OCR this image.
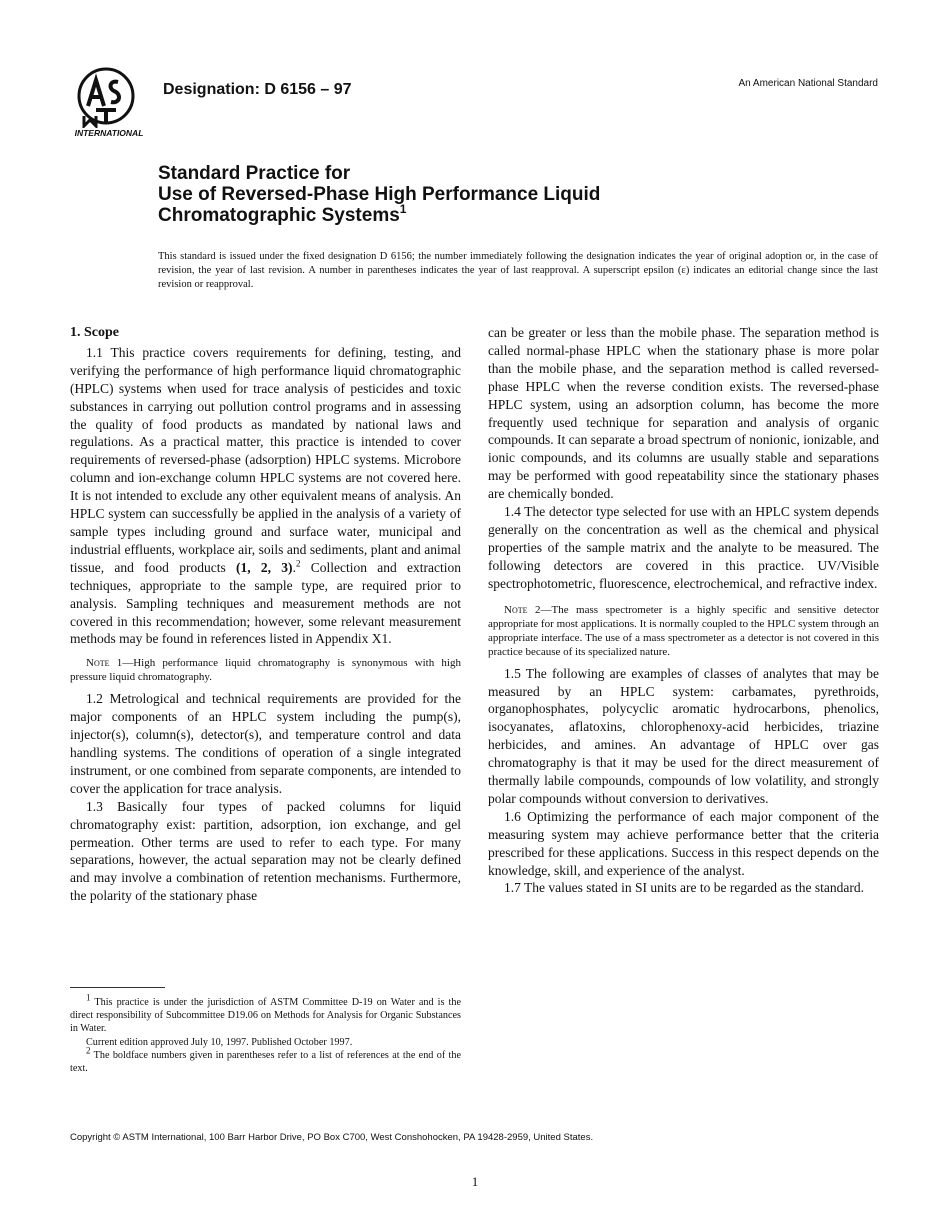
INTERNATIONAL
Designation: D 6156 – 97	An American National Standard
Standard Practice for
Use of Reversed-Phase High Performance Liquid
Chromatographic Systems$^1$
This standard is issued under the fixed designation D 6156; the number immediately following the designation indicates the year of original adoption or, in the case of revision, the year of last revision. A number in parentheses indicates the year of last reapproval. A superscript epsilon (ε) indicates an editorial change since the last revision or reapproval.

1. Scope

1.1 This practice covers requirements for defining, testing, and verifying the performance of high performance liquid chromatographic (HPLC) systems when used for trace analysis of pesticides and toxic substances in carrying out pollution control programs and in assessing the quality of food products as mandated by national laws and regulations. As a practical matter, this practice is intended to cover requirements of reversed-phase (adsorption) HPLC systems. Microbore column and ion-exchange column HPLC systems are not covered here. It is not intended to exclude any other equivalent means of analysis. An HPLC system can successfully be applied in the analysis of a variety of sample types including ground and surface water, municipal and industrial effluents, workplace air, soils and sediments, plant and animal tissue, and food products (1, 2, 3).$^2$ Collection and extraction techniques, appropriate to the sample type, are required prior to analysis. Sampling techniques and measurement methods are not covered in this recommendation; however, some relevant measurement methods may be found in references listed in Appendix X1.

Note 1—High performance liquid chromatography is synonymous with high pressure liquid chromatography.

1.2 Metrological and technical requirements are provided for the major components of an HPLC system including the pump(s), injector(s), column(s), detector(s), and temperature control and data handling systems. The conditions of operation of a single integrated instrument, or one combined from separate components, are intended to cover the application for trace analysis.

1.3 Basically four types of packed columns for liquid chromatography exist: partition, adsorption, ion exchange, and gel permeation. Other terms are used to refer to each type. For many separations, however, the actual separation may not be clearly defined and may involve a combination of retention mechanisms. Furthermore, the polarity of the stationary phase

can be greater or less than the mobile phase. The separation method is called normal-phase HPLC when the stationary phase is more polar than the mobile phase, and the separation method is called reversed-phase HPLC when the reverse condition exists. The reversed-phase HPLC system, using an adsorption column, has become the more frequently used technique for separation and analysis of organic compounds. It can separate a broad spectrum of nonionic, ionizable, and ionic compounds, and its columns are usually stable and separations may be performed with good repeatability since the stationary phases are chemically bonded.

1.4 The detector type selected for use with an HPLC system depends generally on the concentration as well as the chemical and physical properties of the sample matrix and the analyte to be measured. The following detectors are covered in this practice. UV/Visible spectrophotometric, fluorescence, electrochemical, and refractive index.

Note 2—The mass spectrometer is a highly specific and sensitive detector appropriate for most applications. It is normally coupled to the HPLC system through an appropriate interface. The use of a mass spectrometer as a detector is not covered in this practice because of its specialized nature.

1.5 The following are examples of classes of analytes that may be measured by an HPLC system: carbamates, pyrethroids, organophosphates, polycyclic aromatic hydrocarbons, phenolics, isocyanates, aflatoxins, chlorophenoxy-acid herbicides, triazine herbicides, and amines. An advantage of HPLC over gas chromatography is that it may be used for the direct measurement of thermally labile compounds, compounds of low volatility, and strongly polar compounds without conversion to derivatives.

1.6 Optimizing the performance of each major component of the measuring system may achieve performance better that the criteria prescribed for these applications. Success in this respect depends on the knowledge, skill, and experience of the analyst.

1.7 The values stated in SI units are to be regarded as the standard.

$^1$ This practice is under the jurisdiction of ASTM Committee D-19 on Water and is the direct responsibility of Subcommittee D19.06 on Methods for Analysis for Organic Substances in Water.

Current edition approved July 10, 1997. Published October 1997.

$^2$ The boldface numbers given in parentheses refer to a list of references at the end of the text.

Copyright © ASTM International, 100 Barr Harbor Drive, PO Box C700, West Conshohocken, PA 19428-2959, United States.
1
